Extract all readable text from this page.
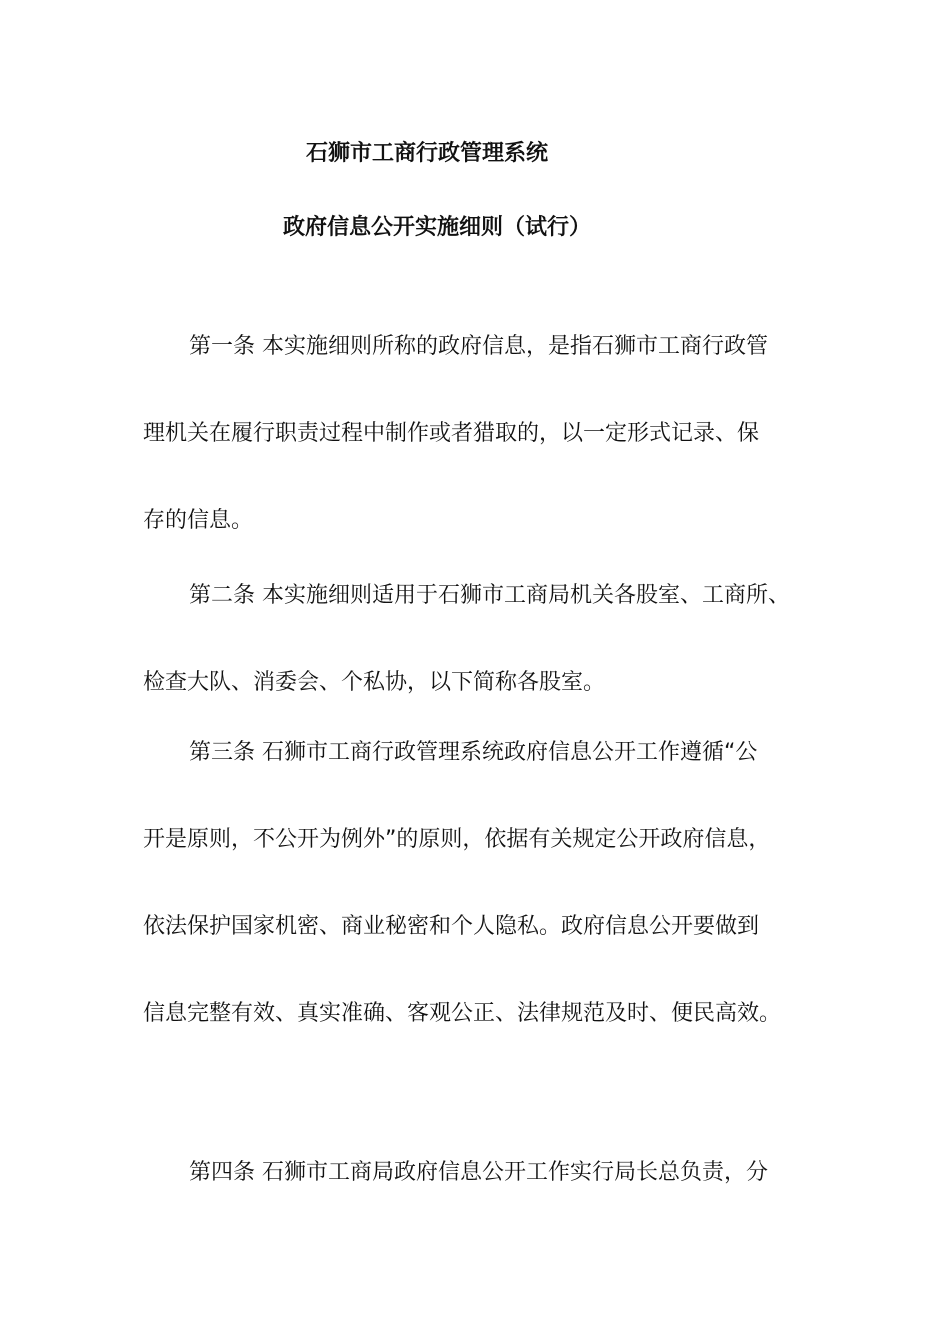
石狮市工商行政管理系统
政府信息公开实施细则（试行）
第一条 本实施细则所称的政府信息，是指石狮市工商行政管
理机关在履行职责过程中制作或者猎取的，以一定形式记录、保
存的信息。
第二条 本实施细则适用于石狮市工商局机关各股室、工商所、
检查大队、消委会、个私协，以下简称各股室。
第三条 石狮市工商行政管理系统政府信息公开工作遵循“公
开是原则，不公开为例外”的原则，依据有关规定公开政府信息，
依法保护国家机密、商业秘密和个人隐私。政府信息公开要做到
信息完整有效、真实准确、客观公正、法律规范及时、便民高效。
第四条 石狮市工商局政府信息公开工作实行局长总负责，分
